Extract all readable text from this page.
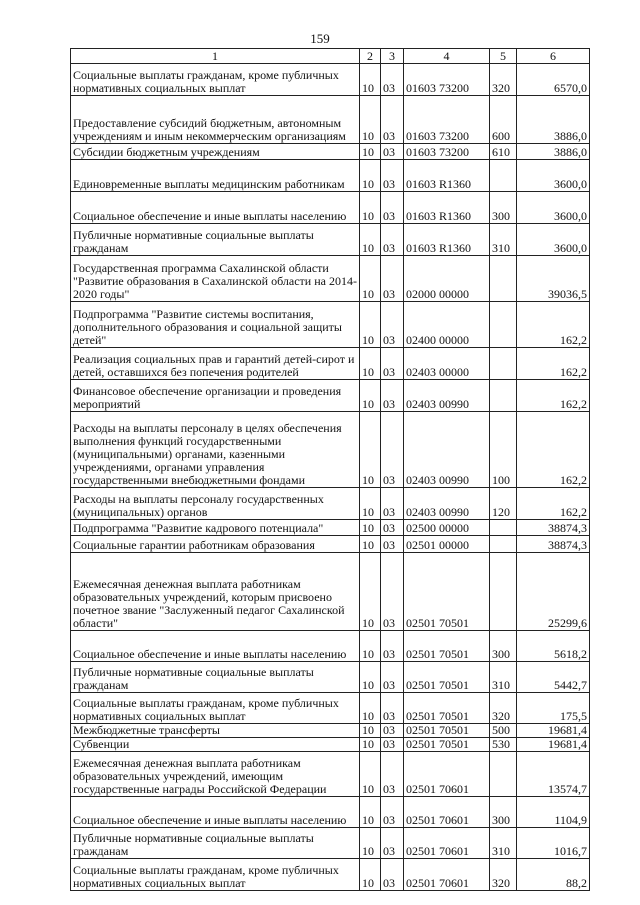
159
1	2	3	4	5	6
Социальные выплаты гражданам, кроме публичных нормативных социальных выплат	10	03	01603 73200	320	6570,0
Предоставление субсидий бюджетным, автономным учреждениям и иным некоммерческим организациям	10	03	01603 73200	600	3886,0
Субсидии бюджетным учреждениям	10	03	01603 73200	610	3886,0
Единовременные выплаты медицинским работникам	10	03	01603 R1360		3600,0
Социальное обеспечение и иные выплаты населению	10	03	01603 R1360	300	3600,0
Публичные нормативные социальные выплаты гражданам	10	03	01603 R1360	310	3600,0
Государственная программа Сахалинской области "Развитие образования в Сахалинской области на 2014-2020 годы"	10	03	02000 00000		39036,5
Подпрограмма "Развитие системы воспитания, дополнительного образования и социальной защиты детей"	10	03	02400 00000		162,2
Реализация социальных прав и гарантий детей-сирот и детей, оставшихся без попечения родителей	10	03	02403 00000		162,2
Финансовое обеспечение организации и проведения мероприятий	10	03	02403 00990		162,2
Расходы на выплаты персоналу в целях обеспечения выполнения функций государственными (муниципальными) органами, казенными учреждениями, органами управления государственными внебюджетными фондами	10	03	02403 00990	100	162,2
Расходы на выплаты персоналу государственных (муниципальных) органов	10	03	02403 00990	120	162,2
Подпрограмма "Развитие кадрового потенциала"	10	03	02500 00000		38874,3
Социальные гарантии работникам образования	10	03	02501 00000		38874,3
Ежемесячная денежная выплата работникам образовательных учреждений, которым присвоено почетное звание "Заслуженный педагог Сахалинской области"	10	03	02501 70501		25299,6
Социальное обеспечение и иные выплаты населению	10	03	02501 70501	300	5618,2
Публичные нормативные социальные выплаты гражданам	10	03	02501 70501	310	5442,7
Социальные выплаты гражданам, кроме публичных нормативных социальных выплат	10	03	02501 70501	320	175,5
Межбюджетные трансферты	10	03	02501 70501	500	19681,4
Субвенции	10	03	02501 70501	530	19681,4
Ежемесячная денежная выплата работникам образовательных учреждений, имеющим государственные награды Российской Федерации	10	03	02501 70601		13574,7
Социальное обеспечение и иные выплаты населению	10	03	02501 70601	300	1104,9
Публичные нормативные социальные выплаты гражданам	10	03	02501 70601	310	1016,7
Социальные выплаты гражданам, кроме публичных нормативных социальных выплат	10	03	02501 70601	320	88,2
